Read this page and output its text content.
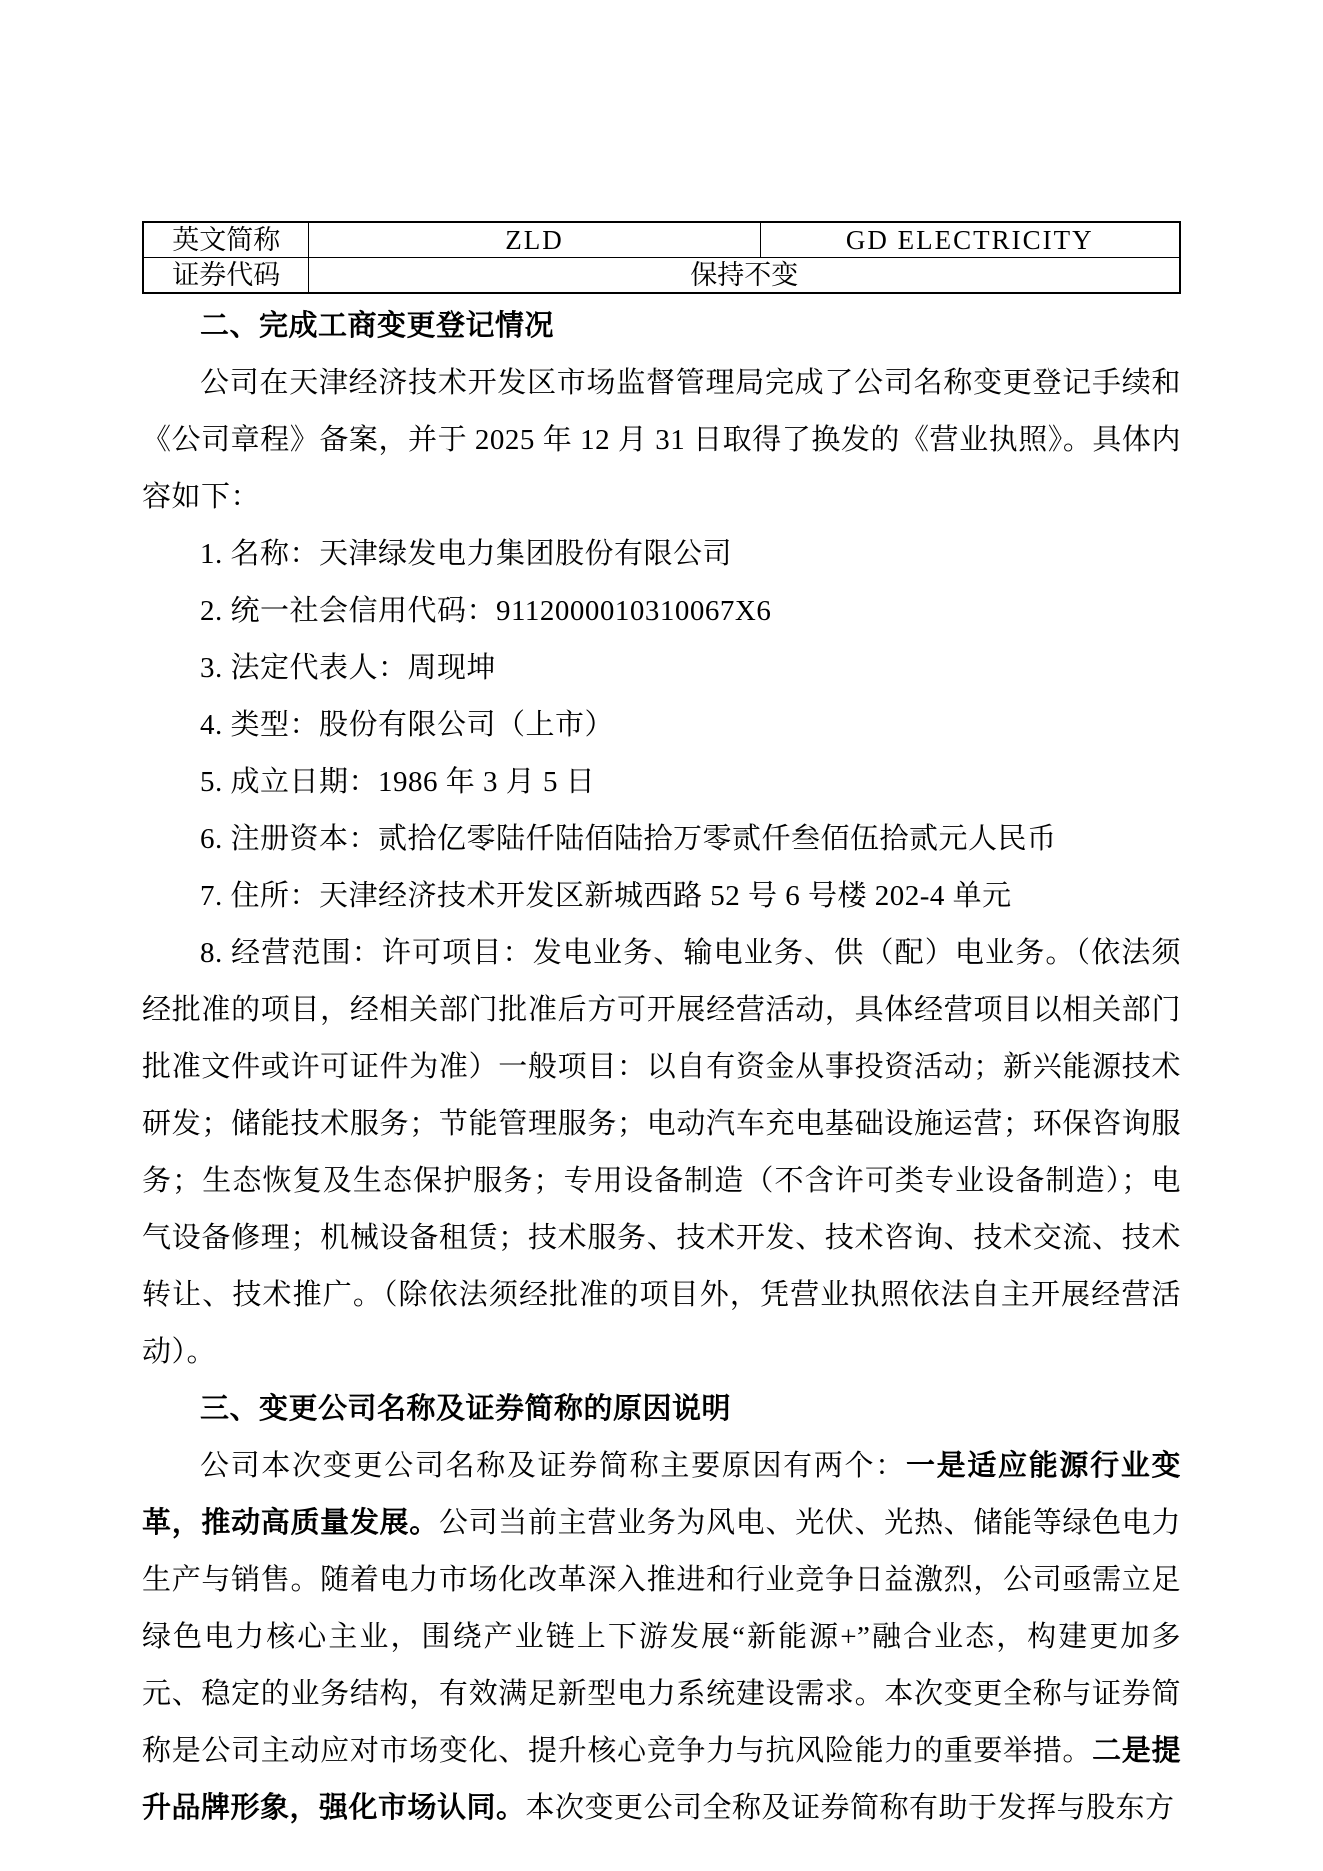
英文简称	ZLD	GD ELECTRICITY
证券代码	保持不变	

二、完成工商变更登记情况

公司在天津经济技术开发区市场监督管理局完成了公司名称变更登记手续和《公司章程》备案，并于 2025 年 12 月 31 日取得了换发的《营业执照》。具体内容如下：

1. 名称：天津绿发电力集团股份有限公司

2. 统一社会信用代码：9112000010310067X6

3. 法定代表人：周现坤

4. 类型：股份有限公司（上市）

5. 成立日期：1986 年 3 月 5 日

6. 注册资本：贰拾亿零陆仟陆佰陆拾万零贰仟叁佰伍拾贰元人民币

7. 住所：天津经济技术开发区新城西路 52 号 6 号楼 202-4 单元

8. 经营范围：许可项目：发电业务、输电业务、供（配）电业务。（依法须经批准的项目，经相关部门批准后方可开展经营活动，具体经营项目以相关部门批准文件或许可证件为准）一般项目：以自有资金从事投资活动；新兴能源技术研发；储能技术服务；节能管理服务；电动汽车充电基础设施运营；环保咨询服务；生态恢复及生态保护服务；专用设备制造（不含许可类专业设备制造）；电气设备修理；机械设备租赁；技术服务、技术开发、技术咨询、技术交流、技术转让、技术推广。（除依法须经批准的项目外，凭营业执照依法自主开展经营活动）。

三、变更公司名称及证券简称的原因说明

公司本次变更公司名称及证券简称主要原因有两个：一是适应能源行业变革，推动高质量发展。公司当前主营业务为风电、光伏、光热、储能等绿色电力生产与销售。随着电力市场化改革深入推进和行业竞争日益激烈，公司亟需立足绿色电力核心主业，围绕产业链上下游发展“新能源+”融合业态，构建更加多元、稳定的业务结构，有效满足新型电力系统建设需求。本次变更全称与证券简称是公司主动应对市场变化、提升核心竞争力与抗风险能力的重要举措。二是提升品牌形象，强化市场认同。本次变更公司全称及证券简称有助于发挥与股东方
